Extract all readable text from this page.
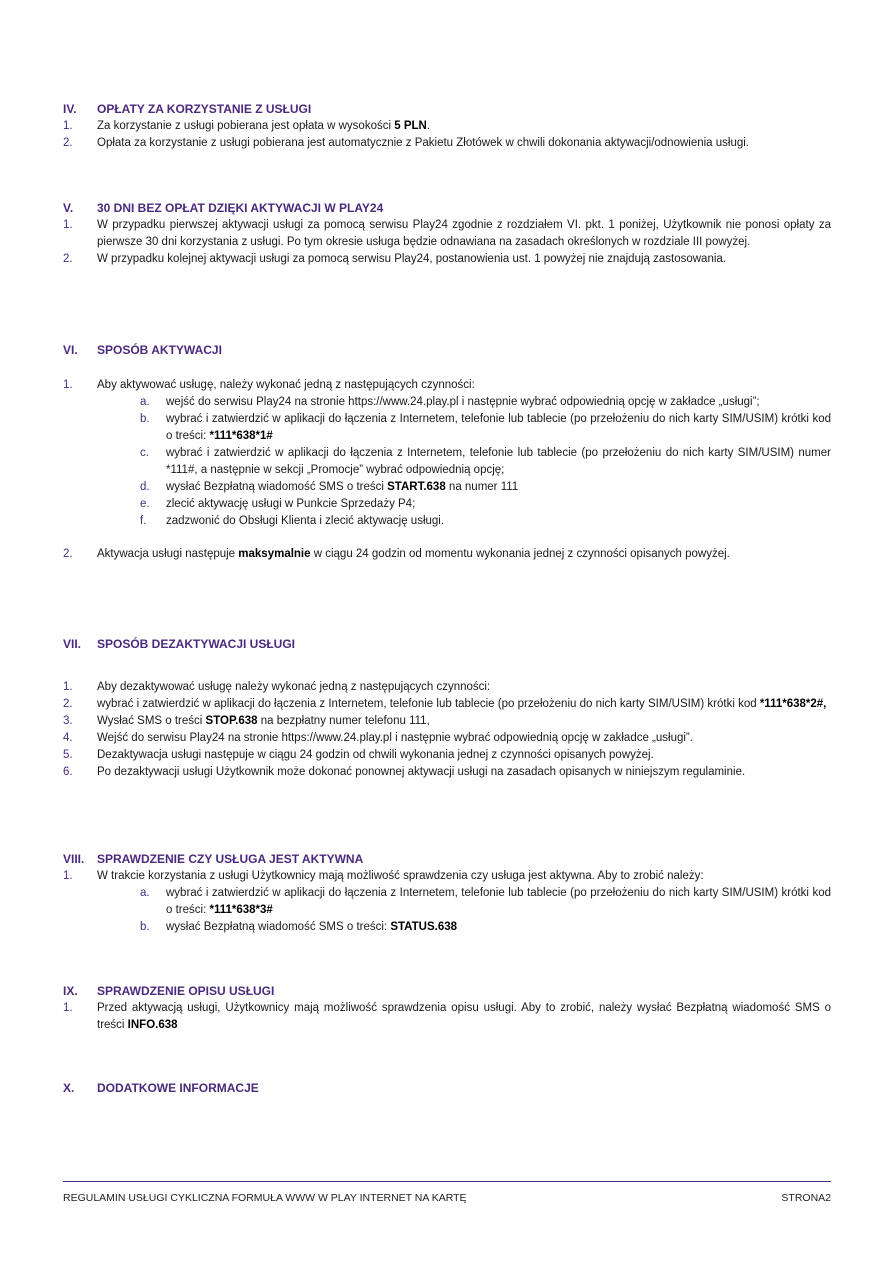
IV.	OPŁATY ZA KORZYSTANIE Z USŁUGI
1.	Za korzystanie z usługi pobierana jest opłata w wysokości 5 PLN.
2.	Opłata za korzystanie z usługi pobierana jest automatycznie z Pakietu Złotówek w chwili dokonania aktywacji/odnowienia usługi.
V.	30 DNI BEZ OPŁAT DZIĘKI AKTYWACJI W PLAY24
1.	W przypadku pierwszej aktywacji usługi za pomocą serwisu Play24 zgodnie z rozdziałem VI. pkt. 1 poniżej, Użytkownik nie ponosi opłaty za pierwsze 30 dni korzystania z usługi. Po tym okresie usługa będzie odnawiana na zasadach określonych w rozdziale III powyżej.
2.	W przypadku kolejnej aktywacji usługi za pomocą serwisu Play24, postanowienia ust. 1 powyżej nie znajdują zastosowania.
VI.	SPOSÓB AKTYWACJI
1.	Aby aktywować usługę, należy wykonać jedną z następujących czynności:
a.	wejść do serwisu Play24 na stronie https://www.24.play.pl i następnie wybrać odpowiednią opcję w zakładce „usługi”;
b.	wybrać i zatwierdzić w aplikacji do łączenia z Internetem, telefonie lub tablecie (po przełożeniu do nich karty SIM/USIM) krótki kod o treści: *111*638*1#
c.	wybrać i zatwierdzić w aplikacji do łączenia z Internetem, telefonie lub tablecie (po przełożeniu do nich karty SIM/USIM) numer *111#, a następnie w sekcji „Promocje” wybrać odpowiednią opcję;
d.	wysłać Bezpłatną wiadomość SMS o treści START.638 na numer 111
e.	zlecić aktywację usługi w Punkcie Sprzedaży P4;
f.	zadzwonić do Obsługi Klienta i zlecić aktywację usługi.
2.	Aktywacja usługi następuje maksymalnie w ciągu 24 godzin od momentu wykonania jednej z czynności opisanych powyżej.
VII.	SPOSÓB DEZAKTYWACJI USŁUGI
1.	Aby dezaktywować usługę należy wykonać jedną z następujących czynności:
2.	wybrać i zatwierdzić w aplikacji do łączenia z Internetem, telefonie lub tablecie (po przełożeniu do nich karty SIM/USIM) krótki kod *111*638*2#,
3.	Wysłać SMS o treści STOP.638 na bezpłatny numer telefonu 111,
4.	Wejść do serwisu Play24 na stronie https://www.24.play.pl i następnie wybrać odpowiednią opcję w zakładce „usługi”.
5.	Dezaktywacja usługi następuje w ciągu 24 godzin od chwili wykonania jednej z czynności opisanych powyżej.
6.	Po dezaktywacji usługi Użytkownik może dokonać ponownej aktywacji usługi na zasadach opisanych w niniejszym regulaminie.
VIII.	SPRAWDZENIE CZY USŁUGA JEST AKTYWNA
1.	W trakcie korzystania z usługi Użytkownicy mają możliwość sprawdzenia czy usługa jest aktywna. Aby to zrobić należy:
a.	wybrać i zatwierdzić w aplikacji do łączenia z Internetem, telefonie lub tablecie (po przełożeniu do nich karty SIM/USIM) krótki kod o treści: *111*638*3#
b.	wysłać Bezpłatną wiadomość SMS o treści: STATUS.638
IX.	SPRAWDZENIE OPISU USŁUGI
1.	Przed aktywacją usługi, Użytkownicy mają możliwość sprawdzenia opisu usługi. Aby to zrobić, należy wysłać Bezpłatną wiadomość SMS o treści INFO.638
X.	DODATKOWE INFORMACJE
REGULAMIN USŁUGI CYKLICZNA FORMUŁA WWW W PLAY INTERNET NA KARTĘ	STRONA2
